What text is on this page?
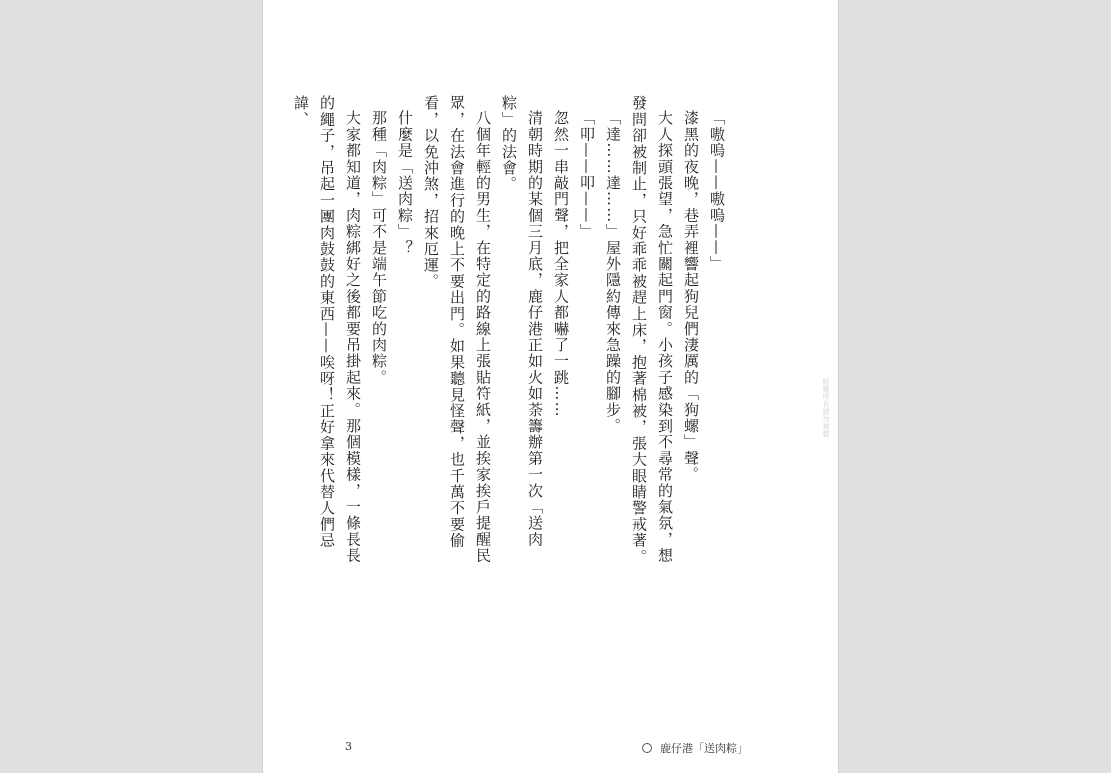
「嗷嗚——嗷嗚——」

漆黑的夜晚，巷弄裡響起狗兒們淒厲的「狗螺」聲。

大人探頭張望，急忙關起門窗。小孩子感染到不尋常的氣氛，想發問卻被制止，只好乖乖被趕上床，抱著棉被，張大眼睛警戒著。

「達……達……」屋外隱約傳來急躁的腳步。

「叩——叩——」

忽然一串敲門聲，把全家人都嚇了一跳……

清朝時期的某個三月底，鹿仔港正如火如荼籌辦第一次「送肉粽」的法會。

八個年輕的男生，在特定的路線上張貼符紙，並挨家挨戶提醒民眾，在法會進行的晚上不要出門。如果聽見怪聲，也千萬不要偷看，以免沖煞，招來厄運。

什麼是「送肉粽」？

那種「肉粽」可不是端午節吃的肉粽。

大家都知道，肉粽綁好之後都要吊掛起來。那個模樣，一條長長的繩子，吊起一團肉鼓鼓的東西——唉呀！正好拿來代替人們忌諱、

版權所有請勿複製
3	鹿仔港「送肉粽」
